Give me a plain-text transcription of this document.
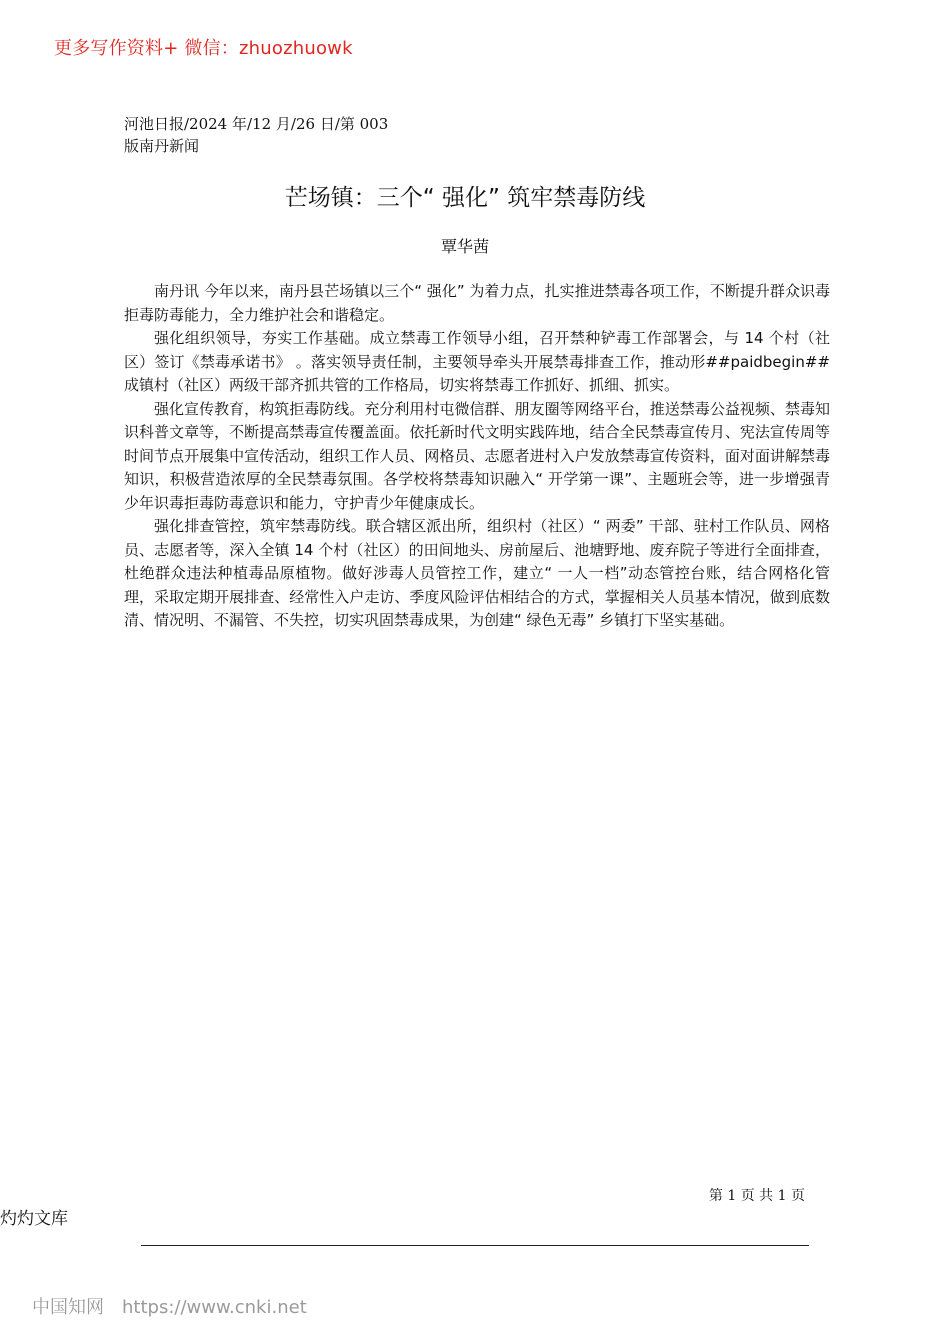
更多写作资料+ 微信：zhuozhuowk
河池日报/2024 年/12 月/26 日/第 003 版南丹新闻
芒场镇：三个“ 强化” 筑牢禁毒防线
覃华茜

南丹讯 今年以来，南丹县芒场镇以三个“ 强化” 为着力点，扎实推进禁毒各项工作，不断提升群众识毒拒毒防毒能力，全力维护社会和谐稳定。

强化组织领导，夯实工作基础。成立禁毒工作领导小组，召开禁种铲毒工作部署会，与 14 个村（社区）签订《禁毒承诺书》 。落实领导责任制，主要领导牵头开展禁毒排查工作，推动形##paidbegin##成镇村（社区）两级干部齐抓共管的工作格局，切实将禁毒工作抓好、抓细、抓实。

强化宣传教育，构筑拒毒防线。充分利用村屯微信群、朋友圈等网络平台，推送禁毒公益视频、禁毒知识科普文章等，不断提高禁毒宣传覆盖面。依托新时代文明实践阵地，结合全民禁毒宣传月、宪法宣传周等时间节点开展集中宣传活动，组织工作人员、网格员、志愿者进村入户发放禁毒宣传资料，面对面讲解禁毒知识，积极营造浓厚的全民禁毒氛围。各学校将禁毒知识融入“ 开学第一课”、主题班会等，进一步增强青少年识毒拒毒防毒意识和能力，守护青少年健康成长。

强化排查管控，筑牢禁毒防线。联合辖区派出所，组织村（社区）“ 两委” 干部、驻村工作队员、网格员、志愿者等，深入全镇 14 个村（社区）的田间地头、房前屋后、池塘野地、废弃院子等进行全面排查，杜绝群众违法种植毒品原植物。做好涉毒人员管控工作，建立“ 一人一档”动态管控台账，结合网格化管理，采取定期开展排查、经常性入户走访、季度风险评估相结合的方式，掌握相关人员基本情况，做到底数清、情况明、不漏管、不失控，切实巩固禁毒成果，为创建“ 绿色无毒” 乡镇打下坚实基础。

第 1 页 共 1 页
灼灼文库
中国知网 https://www.cnki.net
